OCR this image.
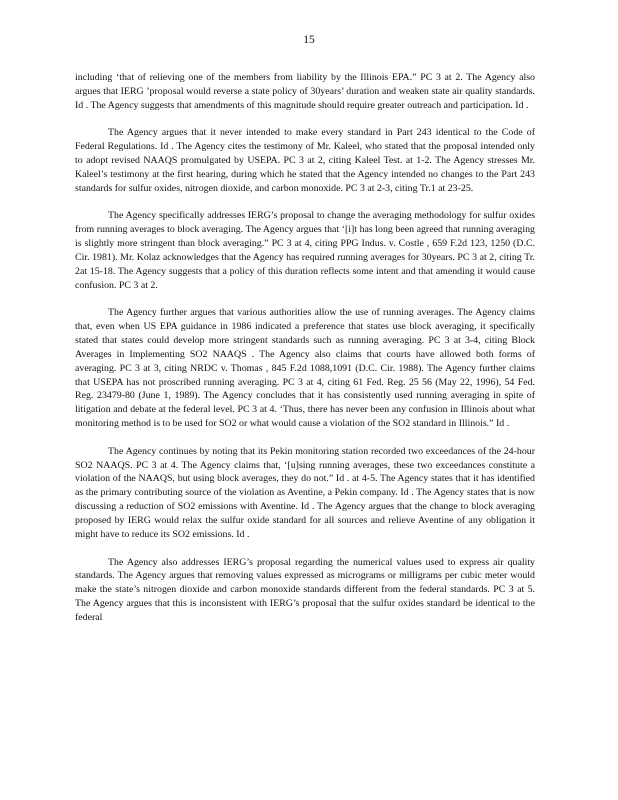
15

including ‘that of relieving one of the members from liability by the Illinois EPA.” PC 3 at 2. The Agency also argues that IERG ’proposal would reverse a state policy of 30years’ duration and weaken state air quality standards. Id . The Agency suggests that amendments of this magnitude should require greater outreach and participation. Id .

The Agency argues that it never intended to make every standard in Part 243 identical to the Code of Federal Regulations. Id . The Agency cites the testimony of Mr. Kaleel, who stated that the proposal intended only to adopt revised NAAQS promulgated by USEPA. PC 3 at 2, citing Kaleel Test. at 1-2. The Agency stresses Mr. Kaleel’s testimony at the first hearing, during which he stated that the Agency intended no changes to the Part 243 standards for sulfur oxides, nitrogen dioxide, and carbon monoxide. PC 3 at 2-3, citing Tr.1 at 23-25.

The Agency specifically addresses IERG’s proposal to change the averaging methodology for sulfur oxides from running averages to block averaging. The Agency argues that ‘[i]t has long been agreed that running averaging is slightly more stringent than block averaging.” PC 3 at 4, citing PPG Indus. v. Costle , 659 F.2d 123, 1250 (D.C. Cir. 1981). Mr. Kolaz acknowledges that the Agency has required running averages for 30years. PC 3 at 2, citing Tr. 2at 15-18. The Agency suggests that a policy of this duration reflects some intent and that amending it would cause confusion. PC 3 at 2.

The Agency further argues that various authorities allow the use of running averages. The Agency claims that, even when US EPA guidance in 1986 indicated a preference that states use block averaging, it specifically stated that states could develop more stringent standards such as running averaging. PC 3 at 3-4, citing Block Averages in Implementing SO2 NAAQS . The Agency also claims that courts have allowed both forms of averaging. PC 3 at 3, citing NRDC v. Thomas , 845 F.2d 1088,1091 (D.C. Cir. 1988). The Agency further claims that USEPA has not proscribed running averaging. PC 3 at 4, citing 61 Fed. Reg. 25 56 (May 22, 1996), 54 Fed. Reg. 23479-80 (June 1, 1989). The Agency concludes that it has consistently used running averaging in spite of litigation and debate at the federal level. PC 3 at 4. ‘Thus, there has never been any confusion in Illinois about what monitoring method is to be used for SO2 or what would cause a violation of the SO2 standard in Illinois.” Id .

The Agency continues by noting that its Pekin monitoring station recorded two exceedances of the 24-hour SO2 NAAQS. PC 3 at 4. The Agency claims that, ‘[u]sing running averages, these two exceedances constitute a violation of the NAAQS, but using block averages, they do not.” Id . at 4-5. The Agency states that it has identified as the primary contributing source of the violation as Aventine, a Pekin company. Id . The Agency states that is now discussing a reduction of SO2 emissions with Aventine. Id . The Agency argues that the change to block averaging proposed by IERG would relax the sulfur oxide standard for all sources and relieve Aventine of any obligation it might have to reduce its SO2 emissions. Id .

The Agency also addresses IERG’s proposal regarding the numerical values used to express air quality standards. The Agency argues that removing values expressed as micrograms or milligrams per cubic meter would make the state’s nitrogen dioxide and carbon monoxide standards different from the federal standards. PC 3 at 5. The Agency argues that this is inconsistent with IERG’s proposal that the sulfur oxides standard be identical to the federal
